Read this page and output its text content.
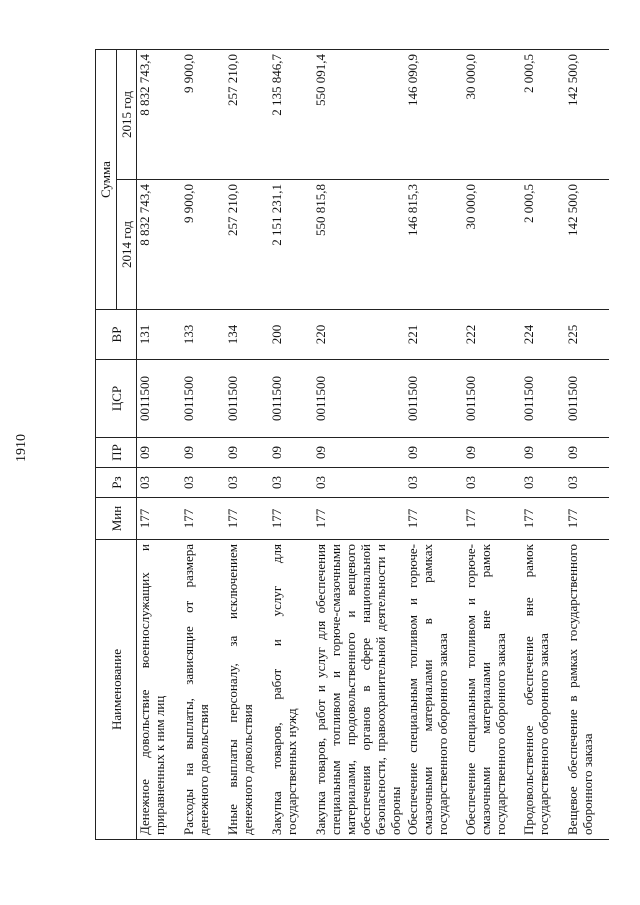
Наименование	Мин	Рз	ПР	ЦСР	ВР	Сумма	
						2014 год	2015 год
Денежное довольствие военнослужащих и приравненных к ним лиц	177	03	09	0011500	131	8 832 743,4	8 832 743,4
Расходы на выплаты, зависящие от размера денежного довольствия	177	03	09	0011500	133	9 900,0	9 900,0
Иные выплаты персоналу, за исключением денежного довольствия	177	03	09	0011500	134	257 210,0	257 210,0
Закупка товаров, работ и услуг для государственных нужд	177	03	09	0011500	200	2 151 231,1	2 135 846,7
Закупка товаров, работ и услуг для обеспечения специальным топливом и горюче-смазочными материалами, продовольственного и вещевого обеспечения органов в сфере национальной безопасности, правоохранительной деятельности и обороны	177	03	09	0011500	220	550 815,8	550 091,4
Обеспечение специальным топливом и горюче-смазочными материалами в рамках государственного оборонного заказа	177	03	09	0011500	221	146 815,3	146 090,9
Обеспечение специальным топливом и горюче-смазочными материалами вне рамок государственного оборонного заказа	177	03	09	0011500	222	30 000,0	30 000,0
Продовольственное обеспечение вне рамок государственного оборонного заказа	177	03	09	0011500	224	2 000,5	2 000,5
Вещевое обеспечение в рамках государственного оборонного заказа	177	03	09	0011500	225	142 500,0	142 500,0
1910
